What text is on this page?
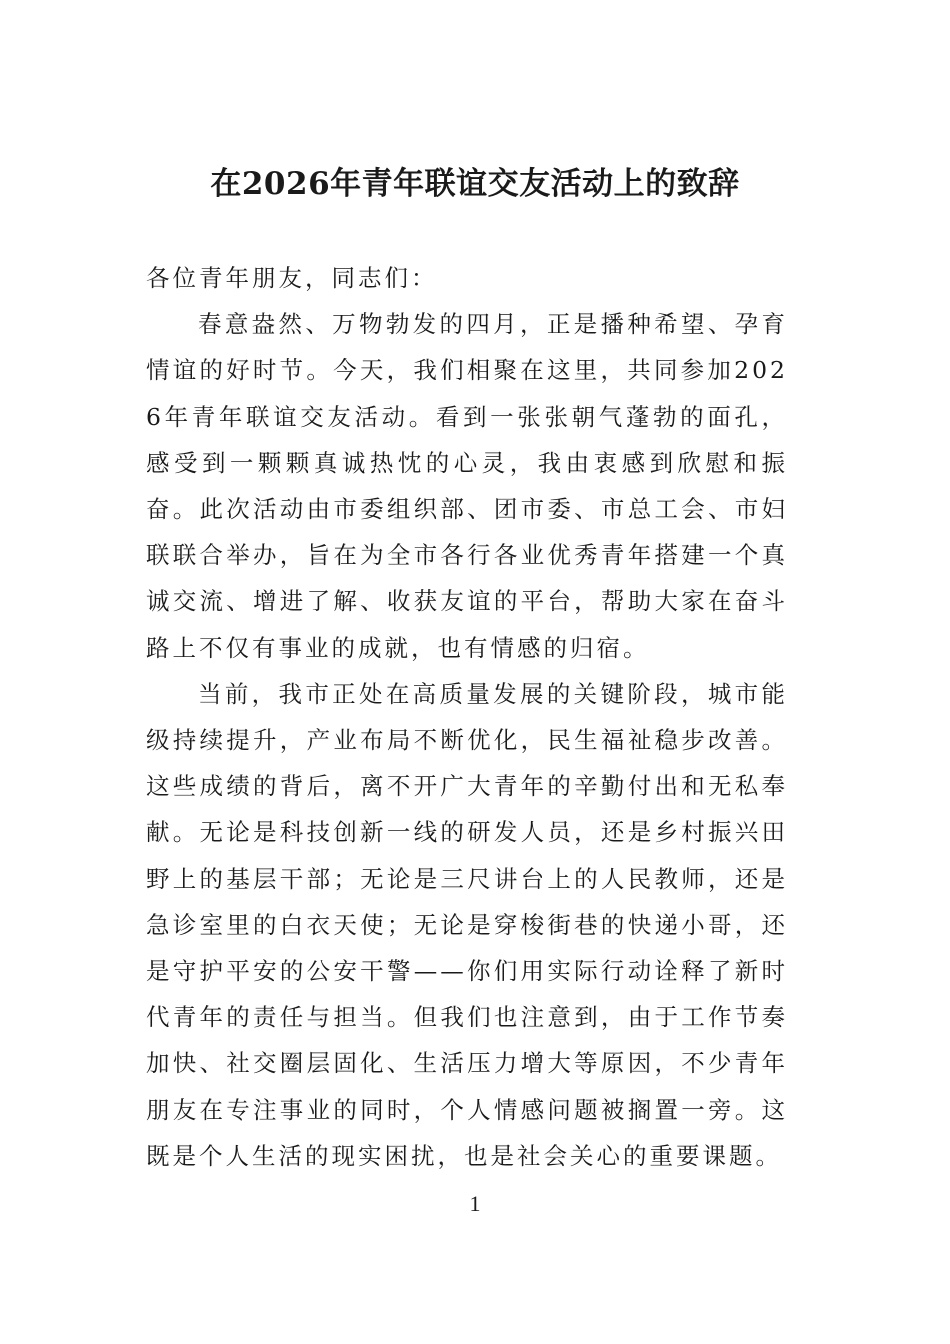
在2026年青年联谊交友活动上的致辞

各位青年朋友，同志们：

春意盎然、万物勃发的四月，正是播种希望、孕育情谊的好时节。今天，我们相聚在这里，共同参加2026年青年联谊交友活动。看到一张张朝气蓬勃的面孔，感受到一颗颗真诚热忱的心灵，我由衷感到欣慰和振奋。此次活动由市委组织部、团市委、市总工会、市妇联联合举办，旨在为全市各行各业优秀青年搭建一个真诚交流、增进了解、收获友谊的平台，帮助大家在奋斗路上不仅有事业的成就，也有情感的归宿。

当前，我市正处在高质量发展的关键阶段，城市能级持续提升，产业布局不断优化，民生福祉稳步改善。这些成绩的背后，离不开广大青年的辛勤付出和无私奉献。无论是科技创新一线的研发人员，还是乡村振兴田野上的基层干部；无论是三尺讲台上的人民教师，还是急诊室里的白衣天使；无论是穿梭街巷的快递小哥，还是守护平安的公安干警——你们用实际行动诠释了新时代青年的责任与担当。但我们也注意到，由于工作节奏加快、社交圈层固化、生活压力增大等原因，不少青年朋友在专注事业的同时，个人情感问题被搁置一旁。这既是个人生活的现实困扰，也是社会关心的重要课题。

1
